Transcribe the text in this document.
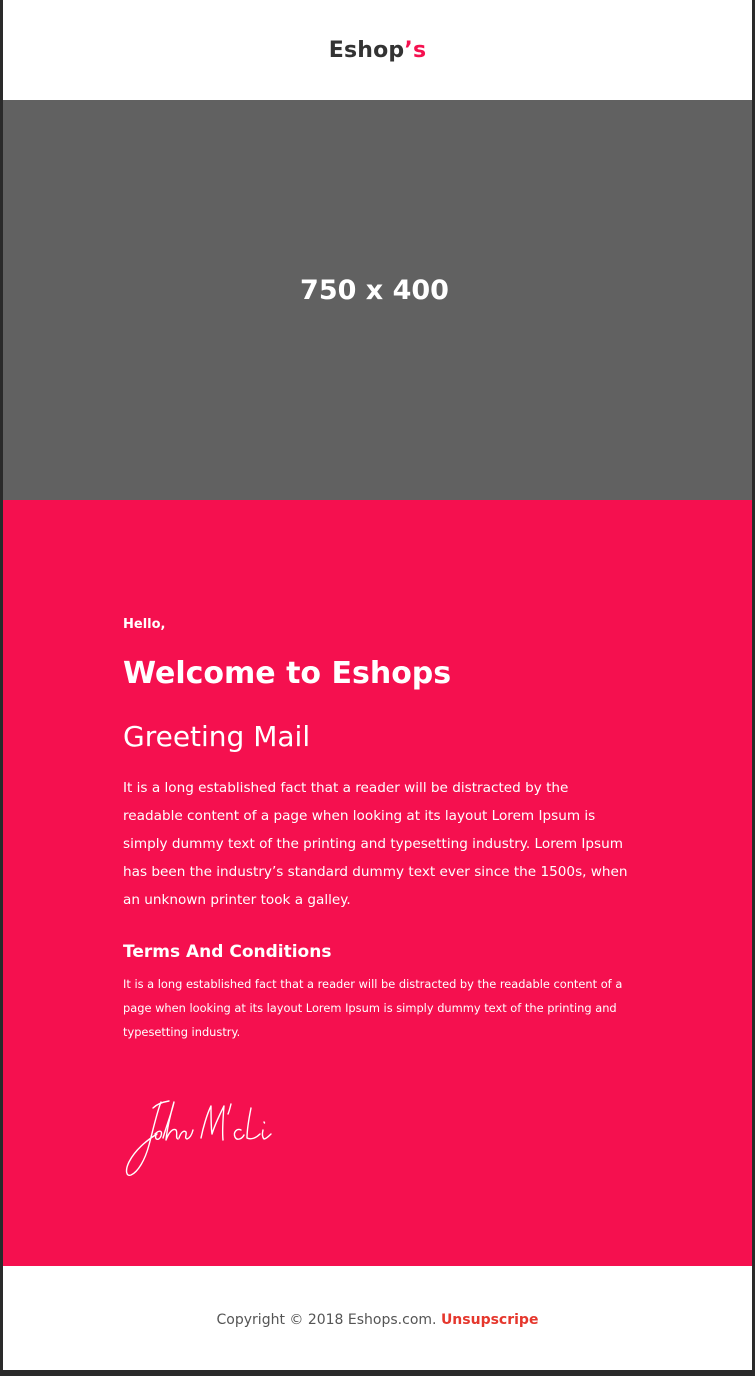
Eshop’s
750 x 400

Hello,

Welcome to Eshops
Greeting Mail

It is a long established fact that a reader will be distracted by the readable content of a page when looking at its layout Lorem Ipsum is simply dummy text of the printing and typesetting industry. Lorem Ipsum has been the industry’s standard dummy text ever since the 1500s, when an unknown printer took a galley.

Terms And Conditions

It is a long established fact that a reader will be distracted by the readable content of a page when looking at its layout Lorem Ipsum is simply dummy text of the printing and typesetting industry.

Copyright © 2018 Eshops.com. Unsupscripe
